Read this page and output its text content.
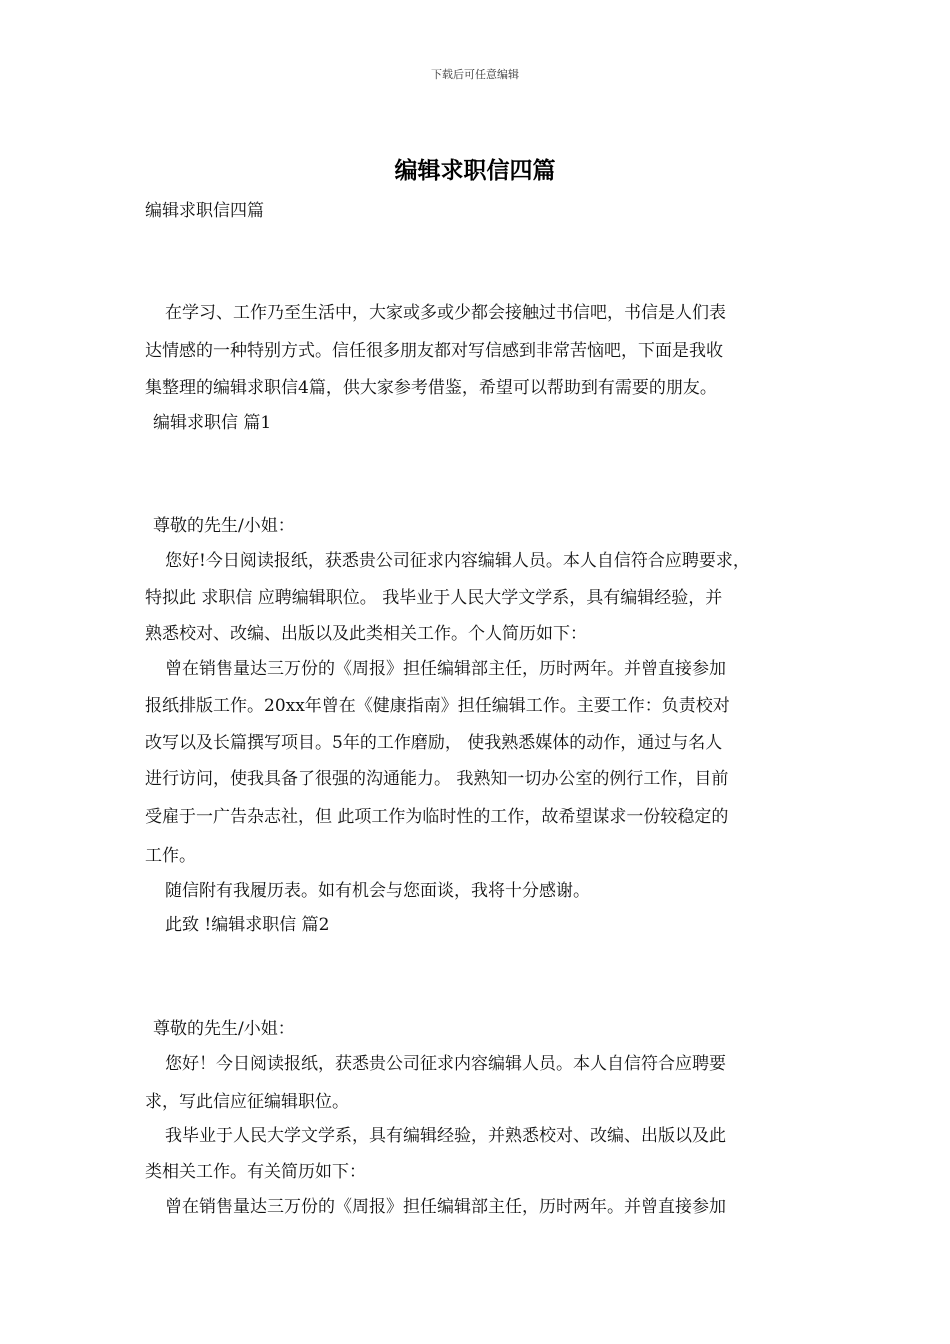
下载后可任意编辑
编辑求职信四篇
编辑求职信四篇
在学习、工作乃至生活中，大家或多或少都会接触过书信吧，书信是人们表
达情感的一种特别方式。信任很多朋友都对写信感到非常苦恼吧，下面是我收
集整理的编辑求职信4篇，供大家参考借鉴，希望可以帮助到有需要的朋友。
编辑求职信 篇1
尊敬的先生/小姐：
您好!今日阅读报纸，获悉贵公司征求内容编辑人员。本人自信符合应聘要求，
特拟此 求职信 应聘编辑职位。 我毕业于人民大学文学系，具有编辑经验，并
熟悉校对、改编、出版以及此类相关工作。个人简历如下：
曾在销售量达三万份的《周报》担任编辑部主任，历时两年。并曾直接参加
报纸排版工作。20xx年曾在《健康指南》担任编辑工作。主要工作：负责校对
改写以及长篇撰写项目。5年的工作磨励， 使我熟悉媒体的动作，通过与名人
进行访问，使我具备了很强的沟通能力。 我熟知一切办公室的例行工作，目前
受雇于一广告杂志社，但 此项工作为临时性的工作，故希望谋求一份较稳定的
工作。
随信附有我履历表。如有机会与您面谈，我将十分感谢。
此致 !编辑求职信 篇2
尊敬的先生/小姐：
您好！今日阅读报纸，获悉贵公司征求内容编辑人员。本人自信符合应聘要
求，写此信应征编辑职位。
我毕业于人民大学文学系，具有编辑经验，并熟悉校对、改编、出版以及此
类相关工作。有关简历如下：
曾在销售量达三万份的《周报》担任编辑部主任，历时两年。并曾直接参加
